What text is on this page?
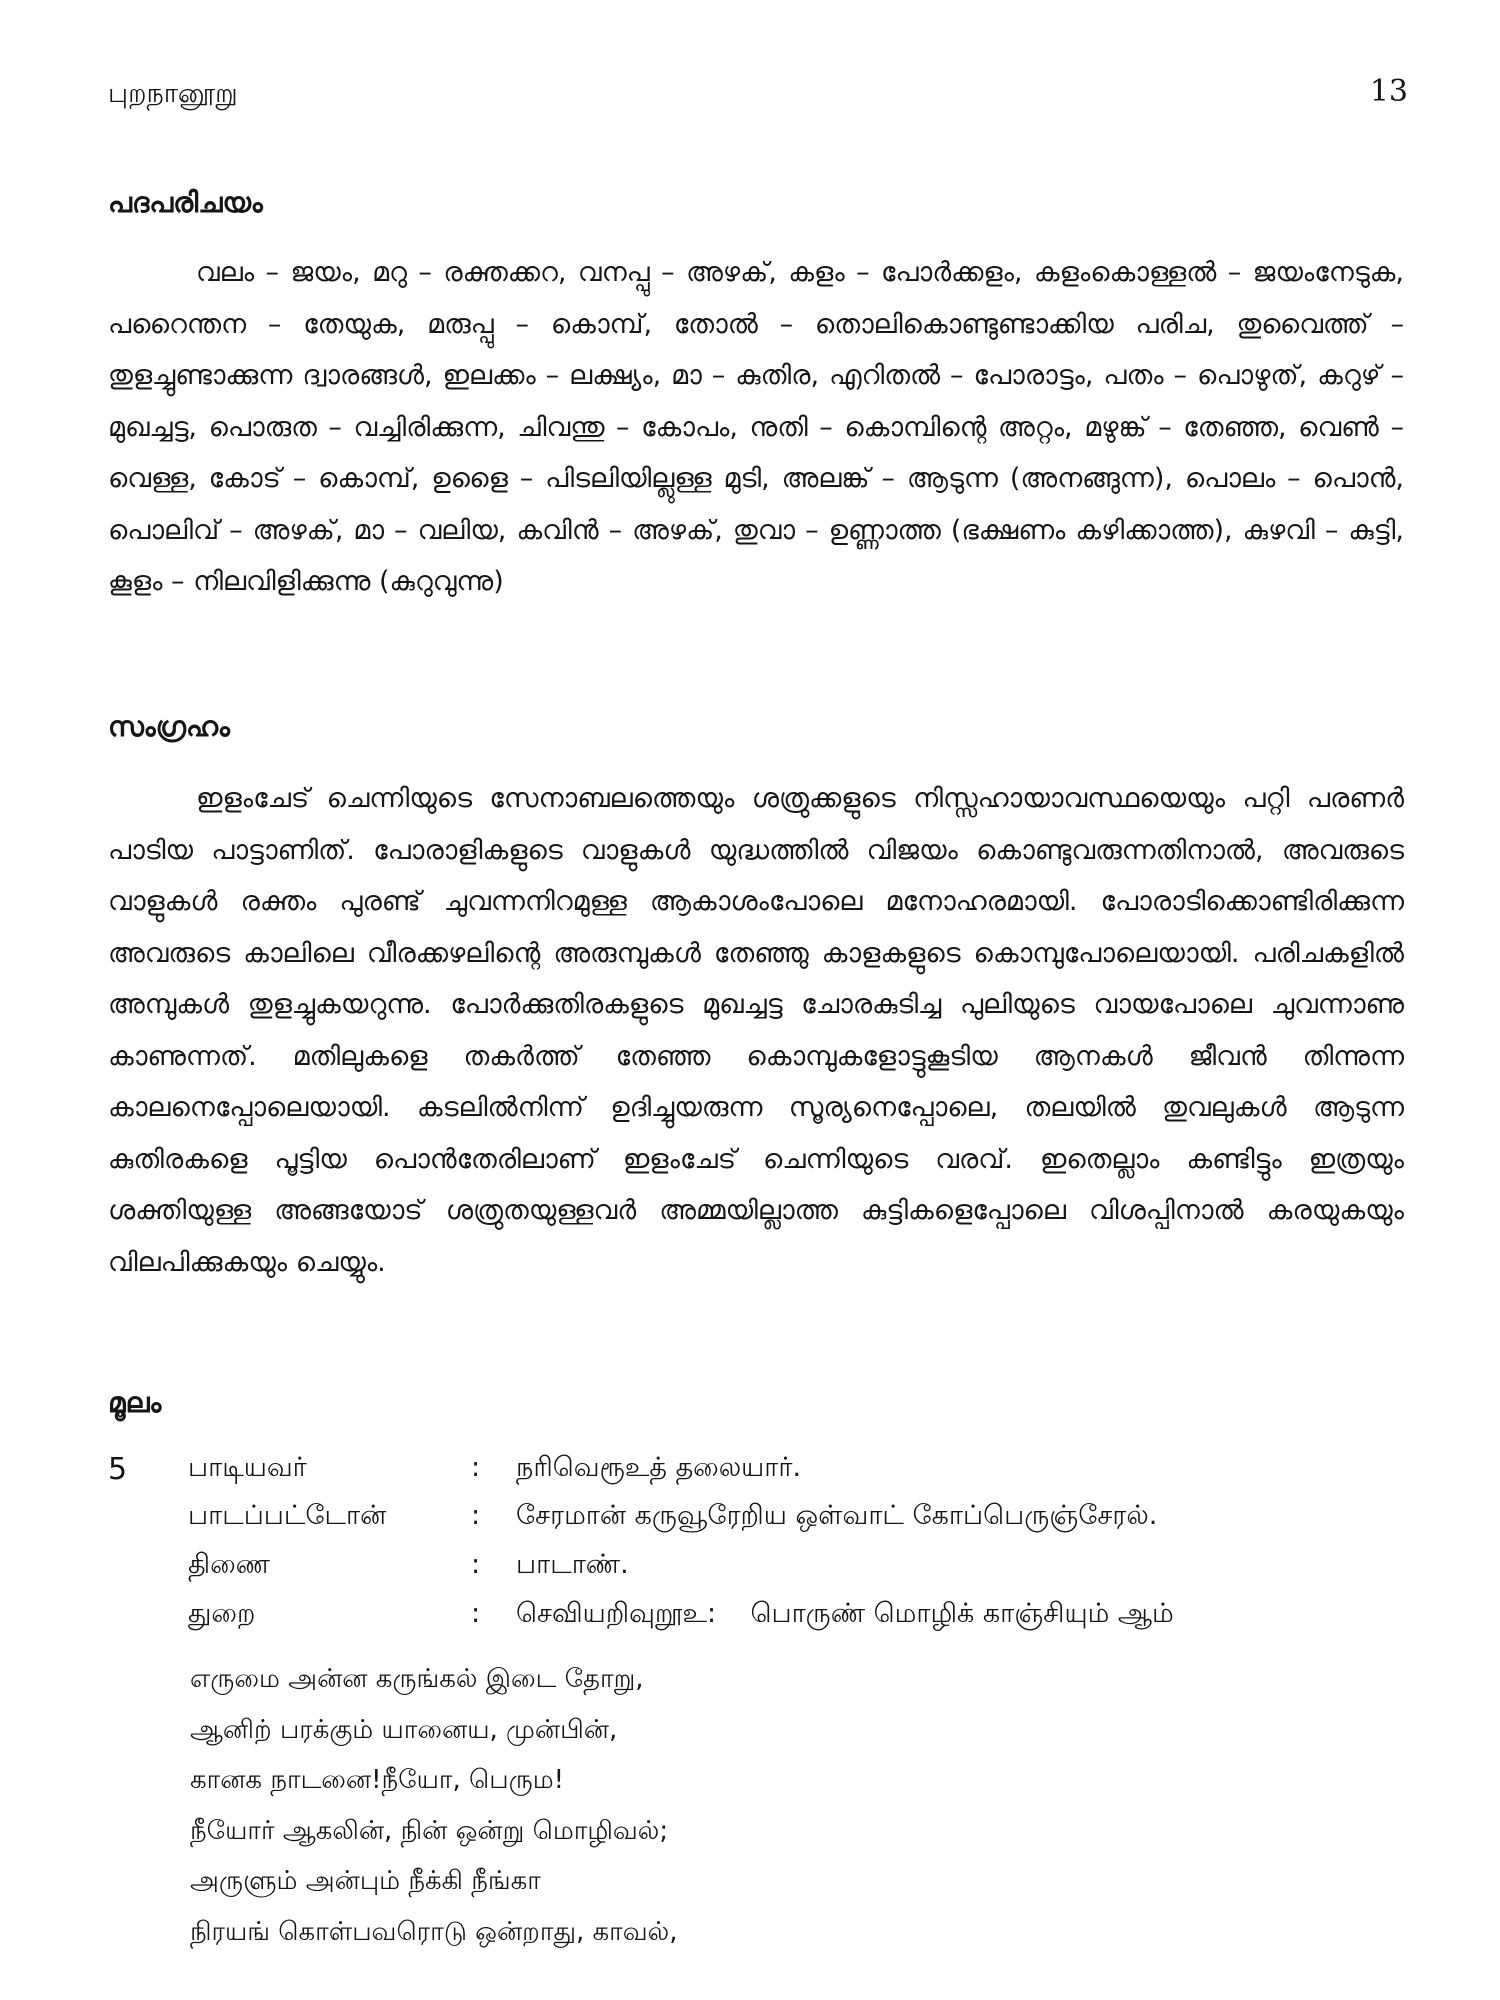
புறநானூறு	13
പദപരിചയം

വലം – ജയം, മറു – രക്തക്കറ, വനപ്പു – അഴക്, കളം – പോർക്കളം, കളംകൊള്ളൽ – ജയംനേടുക, പറൈന്തന – തേയുക, മരുപ്പു – കൊമ്പ്, തോൽ – തൊലികൊണ്ടുണ്ടാക്കിയ പരിച, തുവൈത്ത് – തുളച്ചുണ്ടാക്കുന്ന ദ്വാരങ്ങൾ, ഇലക്കം – ലക്ഷ്യം, മാ – കുതിര, എറിതൽ – പോരാട്ടം, പതം – പൊഴുത്, കറുഴ് – മുഖച്ചട്ട, പൊരുത – വച്ചിരിക്കുന്ന, ചിവന്തു – കോപം, നുതി – കൊമ്പിന്റെ അറ്റം, മഴുങ്ക് – തേഞ്ഞ, വെൺ – വെള്ള, കോട് – കൊമ്പ്, ഉളൈ – പിടലിയില്ലുള്ള മുടി, അലങ്ക് – ആടുന്ന (അനങ്ങുന്ന), പൊലം – പൊൻ, പൊലിവ് – അഴക്, മാ – വലിയ, കവിൻ – അഴക്, തുവാ – ഉണ്ണാത്ത (ഭക്ഷണം കഴിക്കാത്ത), കുഴവി – കുട്ടി, കൂളം – നിലവിളിക്കുന്നു (കുറുവുന്നു)

സംഗ്രഹം

ഇളംചേട് ചെന്നിയുടെ സേനാബലത്തെയും ശത്രുക്കളുടെ നിസ്സഹായാവസ്ഥയെയും പറ്റി പരണർ പാടിയ പാട്ടാണിത്. പോരാളികളുടെ വാളുകൾ യുദ്ധത്തിൽ വിജയം കൊണ്ടുവരുന്നതിനാൽ, അവരുടെ വാളുകൾ രക്തം പുരണ്ട് ചുവന്നനിറമുള്ള ആകാശംപോലെ മനോഹരമായി. പോരാടിക്കൊണ്ടിരിക്കുന്ന അവരുടെ കാലിലെ വീരക്കഴലിന്റെ അരുമ്പുകൾ തേഞ്ഞു കാളകളുടെ കൊമ്പുപോലെയായി. പരിചകളിൽ അമ്പുകൾ തുളച്ചുകയറുന്നു. പോർക്കുതിരകളുടെ മുഖച്ചട്ട ചോരകുടിച്ച പുലിയുടെ വായപോലെ ചുവന്നാണു കാണുന്നത്. മതിലുകളെ തകർത്ത് തേഞ്ഞ കൊമ്പുകളോട്ടുകൂടിയ ആനകൾ ജീവൻ തിന്നുന്ന കാലനെപ്പോലെയായി. കടലിൽനിന്ന് ഉദിച്ചുയരുന്ന സൂര്യനെപ്പോലെ, തലയിൽ തുവലുകൾ ആടുന്ന കുതിരകളെ പൂട്ടിയ പൊൻതേരിലാണ് ഇളംചേട് ചെന്നിയുടെ വരവ്. ഇതെല്ലാം കണ്ടിട്ടും ഇത്രയും ശക്തിയുള്ള അങ്ങയോട് ശത്രുതയുള്ളവർ അമ്മയില്ലാത്ത കുട്ടികളെപ്പോലെ വിശപ്പിനാൽ കരയുകയും വിലപിക്കുകയും ചെയ്യും.

മൂലം
5 பாடியவர்	: நரிவெரூஉத் தலையார்.
பாடப்பட்டோன்	: சேரமான் கருவூரேறிய ஒள்வாட் கோப்பெருஞ்சேரல்.
திணை	: பாடாண்.
துறை	: செவியறிவுறூஉ:    பொருண் மொழிக் காஞ்சியும் ஆம்
எருமை அன்ன கருங்கல் இடை தோறு,
ஆனிற் பரக்கும் யானைய, முன்பின்,
கானக நாடனை!நீயோ, பெரும!
நீயோர் ஆகலின், நின் ஒன்று மொழிவல்;
அருளும் அன்பும் நீக்கி நீங்கா
நிரயங் கொள்பவரொடு ஒன்றாது, காவல்,
